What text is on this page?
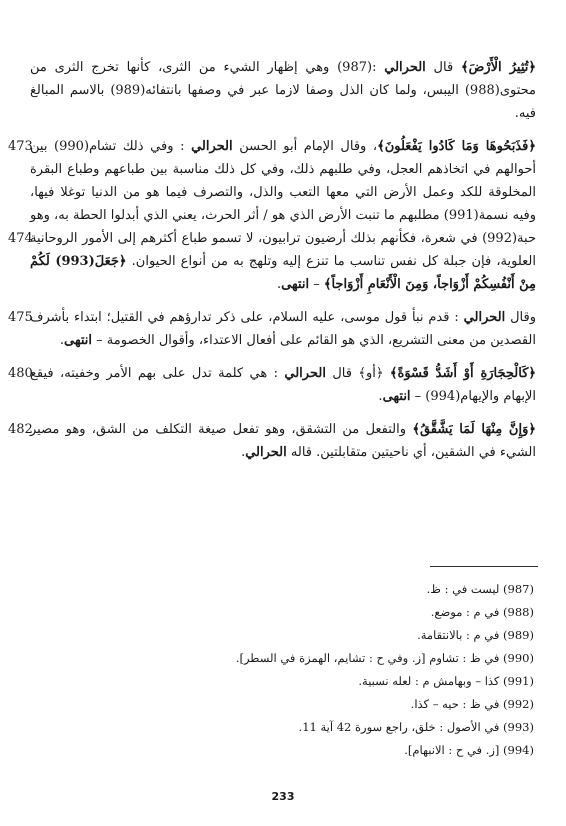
﴿تُثِيرُ الْأَرْضَ﴾ قال الحرالي :(987) وهي إظهار الشيء من الثرى، كأنها تخرج الثرى من محتوى(988) اليبس، ولما كان الذل وصفا لازما عبر في وصفها بانتفائه(989) بالاسم المبالغ فيه.
473
474
﴿فَذَبَحُوهَا وَمَا كَادُوا يَفْعَلُونَ﴾، وقال الإمام أبو الحسن الحرالي : وفي ذلك تشام(990) بين أحوالهم في اتخاذهم العجل، وفي طلبهم ذلك، وفي كل ذلك مناسبة بين طباعهم وطباع البقرة المخلوقة للكد وعمل الأرض التي معها التعب والذل، والتصرف فيما هو من الدنيا توغلا فيها، وفيه نسمة(991) مطلبهم ما تنبت الأرض الذي هو / أثر الحرث، يعني الذي أبدلوا الحطة به، وهو حبة(992) في شعرة، فكأنهم بذلك أرضيون ترابيون، لا تسمو طباع أكثرهم إلى الأمور الروحانية العلوية، فإن جبلة كل نفس تناسب ما تنزع إليه وتلهج به من أنواع الحيوان. ﴿جَعَلَ(993) لَكُمْ مِنْ أَنْفُسِكُمْ أَزْوَاجاً، وَمِنَ الْأَنْعَامِ أَزْوَاجاً﴾ – انتهى.
475	وقال الحرالي : قدم نبأ قول موسى، عليه السلام، على ذكر تدارؤهم في القتيل؛ ابتداء بأشرف القصدين من معنى التشريع، الذي هو القائم على أفعال الاعتداء، وأقوال الخصومة – انتهى.
480	﴿كَالْحِجَارَةِ أَوْ أَشَدُّ قَسْوَةً﴾ ﴿أو﴾ قال الحرالي : هي كلمة تدل على بهم الأمر وخفيته، فيقع الإبهام والإيهام(994) – انتهى.
482	﴿وَإِنَّ مِنْهَا لَمَا يَشَّقَّقُ﴾ والتفعل من التشقق، وهو تفعل صيغة التكلف من الشق، وهو مصير الشيء في الشقين، أي ناحيتين متقابلتين. قاله الحرالي.
(987) ليست في : ظ.
(988) في م : موضع.
(989) في م : بالانتقامة.
(990) في ظ : تشاوم [ز. وفي ح : تشايم، الهمزة في السطر].
(991) كذا – وبهامش م : لعله نسبية.
(992) في ظ : حيه – كذا.
(993) في الأصول : خلق، راجع سورة 42 آية 11.
(994) [ز. في ح : الانبهام].
233
